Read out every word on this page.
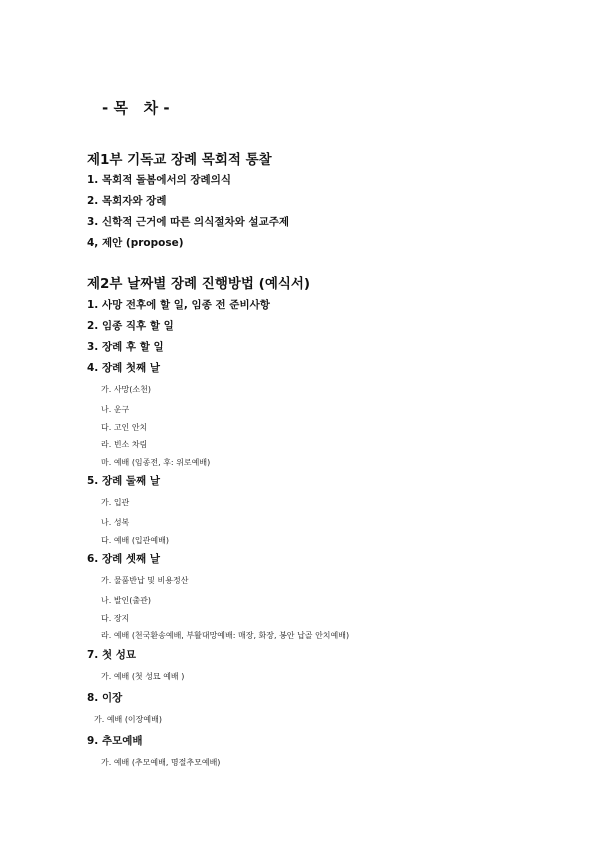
- 목   차 -
제1부 기독교 장례 목회적 통찰
1. 목회적 돌봄에서의 장례의식
2. 목회자와 장례
3. 신학적 근거에 따른 의식절차와 설교주제
4, 제안 (propose)
제2부 날짜별 장례 진행방법 (예식서)
1. 사망 전후에 할 일, 임종 전 준비사항
2. 임종 직후 할 일
3. 장례 후 할 일
4. 장례 첫째 날
가. 사망(소천)
나. 운구
다. 고인 안치
라. 빈소 차림
마. 예배 (임종전, 후: 위로예배)
5. 장례 둘째 날
가. 입관
나. 성복
다. 예배 (입관예배)
6. 장례 셋째 날
가. 물품반납 및 비용정산
나. 발인(출관)
다. 장지
라. 예배 (천국환송예배, 부활대망예배: 매장, 화장, 봉안 납골 안치예배)
7. 첫 성묘
가. 예배 (첫 성묘 예배 )
8. 이장
가. 예배 (이장예배)
9. 추모예배
가. 예배 (추모예배, 명절추모예배)
